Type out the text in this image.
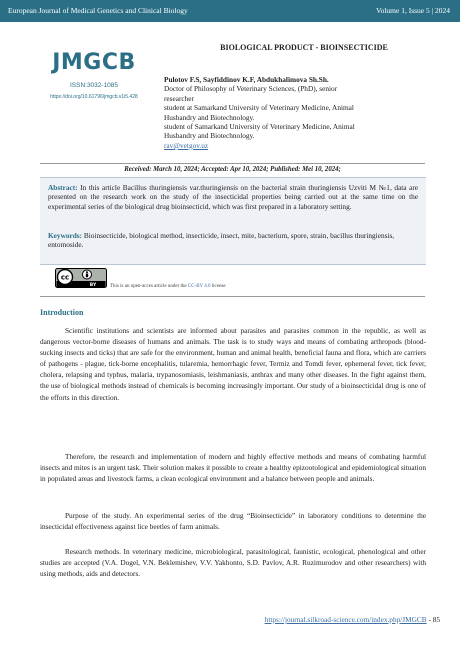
European Journal of Medical Genetics and Clinical Biology	Volume 1, Issue 5 | 2024
JMGCB
ISSN:3032-1085
https://doi.org/10.61796/jmgcb.v1i5.428
BIOLOGICAL PRODUCT - BIOINSECTICIDE
Pulotov F.S, Sayfiddinov K.F, Abdukhalimova Sh.Sh.
Doctor of Philosophy of Veterinary Sciences, (PhD), senior
researcher
student at Samarkand University of Veterinary Medicine, Animal
Husbandry and Biotechnology.
student of Samarkand University of Veterinary Medicine, Animal
Husbandry and Biotechnology.
rav@vetgov.uz
Received: March 10, 2024; Accepted: Apr 10, 2024; Published: Mei 10, 2024;
Abstract: In this article Bacillus thuringiensis var.thuringiensis on the bacterial strain thuringiensis Uzviti M №1, data are presented on the research work on the study of the insecticidal properties being carried out at the same time on the experimental series of the biological drug bioinsecticid, which was first prepared in a laboratory setting.
Keywords: Bioinsecticide, biological method, insecticide, insect, mite, bacterium, spore, strain, bacillus thuringiensis, entomoside.
cc
BY	This is an open-acces article under the CC-BY 4.0 license
Introduction
Scientific institutions and scientists are informed about parasites and parasites common in the republic, as well as dangerous vector-borne diseases of humans and animals. The task is to study ways and means of combating arthropods (blood-sucking insects and ticks) that are safe for the environment, human and animal health, beneficial fauna and flora, which are carriers of pathogens - plague, tick-borne encephalitis, tularemia, hemorrhagic fever, Termiz and Tomdi fever, ephemeral fever, tick fever, cholera, relapsing and typhus, malaria, trypanosomiasis, leishmaniasis, anthrax and many other diseases. In the fight against them, the use of biological methods instead of chemicals is becoming increasingly important. Our study of a bioinsecticidal drug is one of the efforts in this direction.
Therefore, the research and implementation of modern and highly effective methods and means of combating harmful insects and mites is an urgent task. Their solution makes it possible to create a healthy epizootological and epidemiological situation in populated areas and livestock farms, a clean ecological environment and a balance between people and animals.
Purpose of the study. An experimental series of the drug “Bioinsecticide” in laboratory conditions to determine the insecticidal effectiveness against lice beetles of farm animals.
Research methods. In veterinary medicine, microbiological, parasitological, faunistic, ecological, phenological and other studies are accepted (V.A. Dogel, V.N. Beklemishev, V.V. Yakhonto, S.D. Pavlov, A.R. Ruzimurodov and other researchers) with using methods, aids and detectors.
https://journal.silkroad-science.com/index.php/JMGCB - 85
